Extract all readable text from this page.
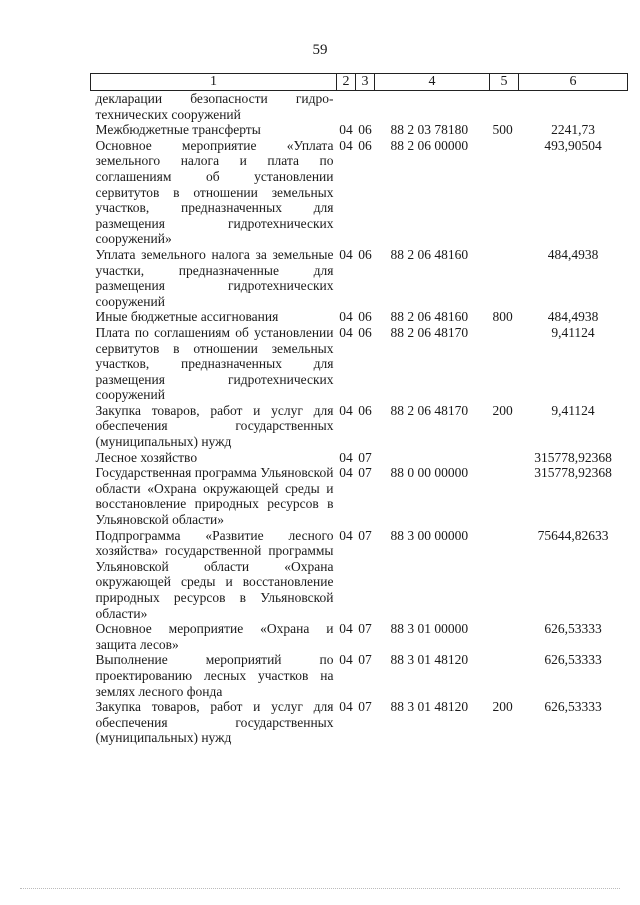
59
1	2	3	4	5	6
декларации безопасности гидро-технических сооружений					
Межбюджетные трансферты	04	06	88 2 03 78180	500	2241,73
Основное мероприятие «Уплата земельного налога и плата по соглашениям об установлении сервитутов в отношении земельных участков, предназначенных для размещения гидротехнических сооружений»	04	06	88 2 06 00000		493,90504
Уплата земельного налога за земельные участки, предназначенные для размещения гидротехнических сооружений	04	06	88 2 06 48160		484,4938
Иные бюджетные ассигнования	04	06	88 2 06 48160	800	484,4938
Плата по соглашениям об установлении сервитутов в отношении земельных участков, предназначенных для размещения гидротехнических сооружений	04	06	88 2 06 48170		9,41124
Закупка товаров, работ и услуг для обеспечения государственных (муниципальных) нужд	04	06	88 2 06 48170	200	9,41124
Лесное хозяйство	04	07			315778,92368
Государственная программа Ульяновской области «Охрана окружающей среды и восстановление природных ресурсов в Ульяновской области»	04	07	88 0 00 00000		315778,92368
Подпрограмма «Развитие лесного хозяйства» государственной программы Ульяновской области «Охрана окружающей среды и восстановление природных ресурсов в Ульяновской области»	04	07	88 3 00 00000		75644,82633
Основное мероприятие «Охрана и защита лесов»	04	07	88 3 01 00000		626,53333
Выполнение мероприятий по проектированию лесных участков на землях лесного фонда	04	07	88 3 01 48120		626,53333
Закупка товаров, работ и услуг для обеспечения государственных (муниципальных) нужд	04	07	88 3 01 48120	200	626,53333
